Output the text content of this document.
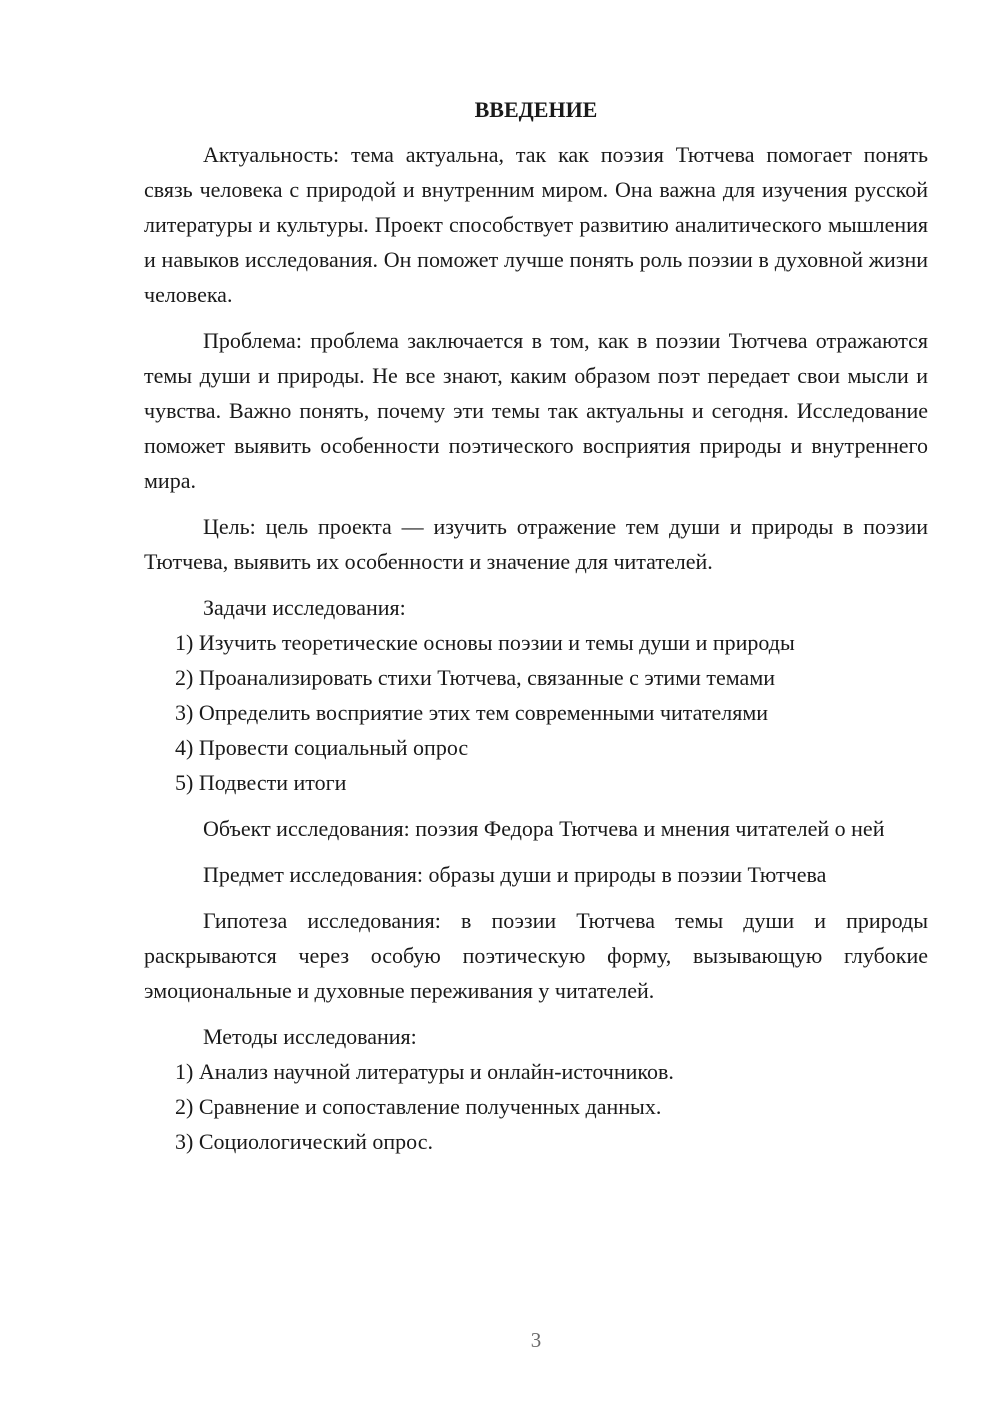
ВВЕДЕНИЕ

Актуальность: тема актуальна, так как поэзия Тютчева помогает понять связь человека с природой и внутренним миром. Она важна для изучения русской литературы и культуры. Проект способствует развитию аналитического мышления и навыков исследования. Он поможет лучше понять роль поэзии в духовной жизни человека.

Проблема: проблема заключается в том, как в поэзии Тютчева отражаются темы души и природы. Не все знают, каким образом поэт передает свои мысли и чувства. Важно понять, почему эти темы так актуальны и сегодня. Исследование поможет выявить особенности поэтического восприятия природы и внутреннего мира.

Цель: цель проекта — изучить отражение тем души и природы в поэзии Тютчева, выявить их особенности и значение для читателей.

Задачи исследования:

1) Изучить теоретические основы поэзии и темы души и природы

2) Проанализировать стихи Тютчева, связанные с этими темами

3) Определить восприятие этих тем современными читателями

4) Провести социальный опрос

5) Подвести итоги

Объект исследования: поэзия Федора Тютчева и мнения читателей о ней

Предмет исследования: образы души и природы в поэзии Тютчева

Гипотеза исследования: в поэзии Тютчева темы души и природы раскрываются через особую поэтическую форму, вызывающую глубокие эмоциональные и духовные переживания у читателей.

Методы исследования:

1) Анализ научной литературы и онлайн-источников.

2) Сравнение и сопоставление полученных данных.

3) Социологический опрос.

3
